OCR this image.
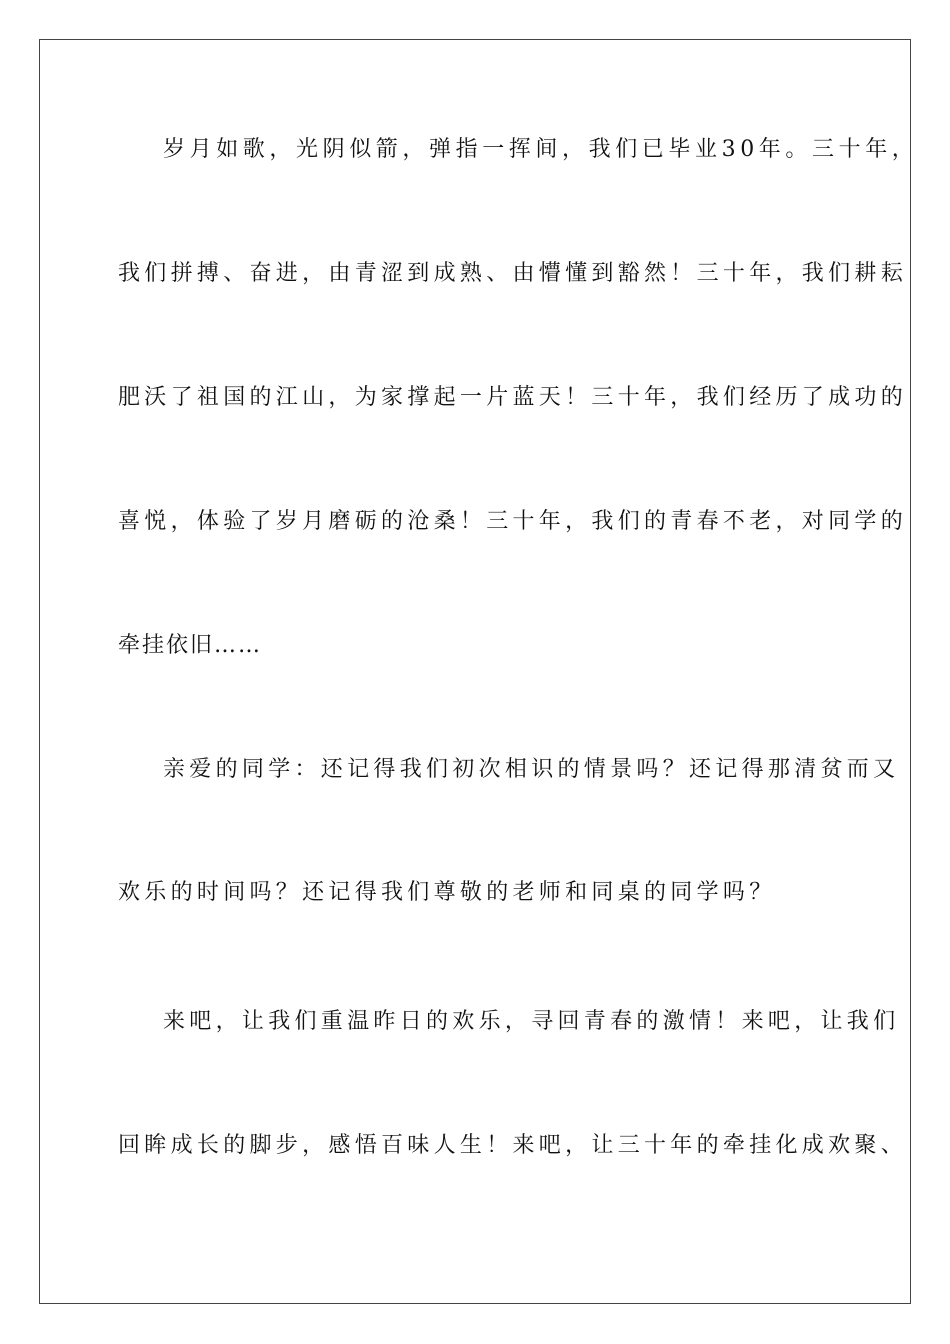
岁月如歌，光阴似箭，弹指一挥间，我们已毕业30年。三十年，
我们拼搏、奋进，由青涩到成熟、由懵懂到豁然！三十年，我们耕耘
肥沃了祖国的江山，为家撑起一片蓝天！三十年，我们经历了成功的
喜悦，体验了岁月磨砺的沧桑！三十年，我们的青春不老，对同学的
牵挂依旧……
亲爱的同学：还记得我们初次相识的情景吗？还记得那清贫而又
欢乐的时间吗？还记得我们尊敬的老师和同桌的同学吗？
来吧，让我们重温昨日的欢乐，寻回青春的激情！来吧，让我们
回眸成长的脚步，感悟百味人生！来吧，让三十年的牵挂化成欢聚、
